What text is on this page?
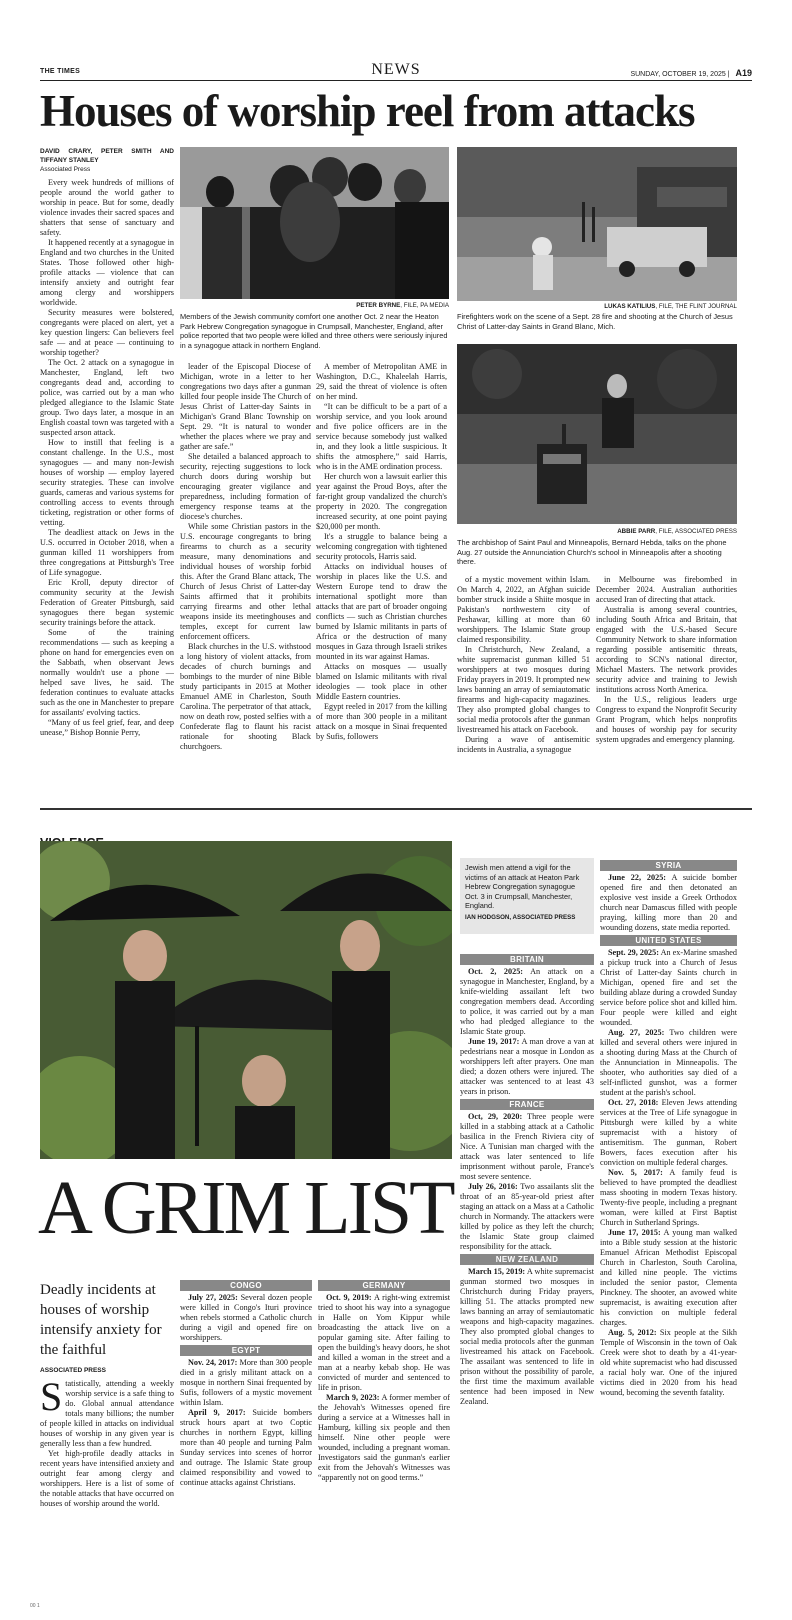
THE TIMES	NEWS	SUNDAY, OCTOBER 19, 2025 | A19
Houses of worship reel from attacks
DAVID CRARY, PETER SMITH AND TIFFANY STANLEY
Associated Press

Every week hundreds of millions of people around the world gather to worship in peace. But for some, deadly violence invades their sacred spaces and shatters that sense of sanctuary and safety.

It happened recently at a synagogue in England and two churches in the United States. Those followed other high-profile attacks — violence that can intensify anxiety and outright fear among clergy and worshippers worldwide.

Security measures were bolstered, congregants were placed on alert, yet a key question lingers: Can believers feel safe — and at peace — continuing to worship together?

The Oct. 2 attack on a synagogue in Manchester, England, left two congregants dead and, according to police, was carried out by a man who pledged allegiance to the Islamic State group. Two days later, a mosque in an English coastal town was targeted with a suspected arson attack.

How to instill that feeling is a constant challenge. In the U.S., most synagogues — and many non-Jewish houses of worship — employ layered security strategies. These can involve guards, cameras and various systems for controlling access to events through ticketing, registration or other forms of vetting.

The deadliest attack on Jews in the U.S. occurred in October 2018, when a gunman killed 11 worshippers from three congregations at Pittsburgh's Tree of Life synagogue.

Eric Kroll, deputy director of community security at the Jewish Federation of Greater Pittsburgh, said synagogues there began systemic security trainings before the attack.

Some of the training recommendations — such as keeping a phone on hand for emergencies even on the Sabbath, when observant Jews normally wouldn't use a phone — helped save lives, he said. The federation continues to evaluate attacks such as the one in Manchester to prepare for assailants' evolving tactics.

“Many of us feel grief, fear, and deep unease,” Bishop Bonnie Perry,

PETER BYRNE, FILE, PA MEDIA
Members of the Jewish community comfort one another Oct. 2 near the Heaton Park Hebrew Congregation synagogue in Crumpsall, Manchester, England, after police reported that two people were killed and three others were seriously injured in a synagogue attack in northern England.
LUKAS KATILIUS, FILE, THE FLINT JOURNAL
Firefighters work on the scene of a Sept. 28 fire and shooting at the Church of Jesus Christ of Latter-day Saints in Grand Blanc, Mich.
ABBIE PARR, FILE, ASSOCIATED PRESS
The archbishop of Saint Paul and Minneapolis, Bernard Hebda, talks on the phone Aug. 27 outside the Annunciation Church's school in Minneapolis after a shooting there.

leader of the Episcopal Diocese of Michigan, wrote in a letter to her congregations two days after a gunman killed four people inside The Church of Jesus Christ of Latter-day Saints in Michigan's Grand Blanc Township on Sept. 29. “It is natural to wonder whether the places where we pray and gather are safe.”

She detailed a balanced approach to security, rejecting suggestions to lock church doors during worship but encouraging greater vigilance and preparedness, including formation of emergency response teams at the diocese's churches.

While some Christian pastors in the U.S. encourage congregants to bring firearms to church as a security measure, many denominations and individual houses of worship forbid this. After the Grand Blanc attack, The Church of Jesus Christ of Latter-day Saints affirmed that it prohibits carrying firearms and other lethal weapons inside its meetinghouses and temples, except for current law enforcement officers.

Black churches in the U.S. withstood a long history of violent attacks, from decades of church burnings and bombings to the murder of nine Bible study participants in 2015 at Mother Emanuel AME in Charleston, South Carolina. The perpetrator of that attack, now on death row, posted selfies with a Confederate flag to flaunt his racist rationale for shooting Black churchgoers.

A member of Metropolitan AME in Washington, D.C., Khaleelah Harris, 29, said the threat of violence is often on her mind.

“It can be difficult to be a part of a worship service, and you look around and five police officers are in the service because somebody just walked in, and they look a little suspicious. It shifts the atmosphere,” said Harris, who is in the AME ordination process.

Her church won a lawsuit earlier this year against the Proud Boys, after the far-right group vandalized the church's property in 2020. The congregation increased security, at one point paying $20,000 per month.

It's a struggle to balance being a welcoming congregation with tightened security protocols, Harris said.

Attacks on individual houses of worship in places like the U.S. and Western Europe tend to draw the international spotlight more than attacks that are part of broader ongoing conflicts — such as Christian churches burned by Islamic militants in parts of Africa or the destruction of many mosques in Gaza through Israeli strikes mounted in its war against Hamas.

Attacks on mosques — usually blamed on Islamic militants with rival ideologies — took place in other Middle Eastern countries.

Egypt reeled in 2017 from the killing of more than 300 people in a militant attack on a mosque in Sinai frequented by Sufis, followers

of a mystic movement within Islam. On March 4, 2022, an Afghan suicide bomber struck inside a Shiite mosque in Pakistan's northwestern city of Peshawar, killing at more than 60 worshippers. The Islamic State group claimed responsibility.

In Christchurch, New Zealand, a white supremacist gunman killed 51 worshippers at two mosques during Friday prayers in 2019. It prompted new laws banning an array of semiautomatic firearms and high-capacity magazines. They also prompted global changes to social media protocols after the gunman livestreamed his attack on Facebook.

During a wave of antisemitic incidents in Australia, a synagogue

in Melbourne was firebombed in December 2024. Australian authorities accused Iran of directing that attack.

Australia is among several countries, including South Africa and Britain, that engaged with the U.S.-based Secure Community Network to share information regarding possible antisemitic threats, according to SCN's national director, Michael Masters. The network provides security advice and training to Jewish institutions across North America.

In the U.S., religious leaders urge Congress to expand the Nonprofit Security Grant Program, which helps nonprofits and houses of worship pay for security system upgrades and emergency planning.

Jewish men attend a vigil for the victims of an attack at Heaton Park Hebrew Congregation synagogue Oct. 3 in Crumpsall, Manchester, England.
IAN HODGSON, ASSOCIATED PRESS
A GRIM LIST
Deadly incidents at houses of worship intensify anxiety for the faithful
ASSOCIATED PRESS
Statistically, attending a weekly worship service is a safe thing to do. Global annual attendance totals many billions; the number of people killed in attacks on individual houses of worship in any given year is generally less than a few hundred.

Yet high-profile deadly attacks in recent years have intensified anxiety and outright fear among clergy and worshippers. Here is a list of some of the notable attacks that have occurred on houses of worship around the world.

CONGO
July 27, 2025: Several dozen people were killed in Congo's Ituri province when rebels stormed a Catholic church during a vigil and opened fire on worshippers.
EGYPT
Nov. 24, 2017: More than 300 people died in a grisly militant attack on a mosque in northern Sinai frequented by Sufis, followers of a mystic movement within Islam.
April 9, 2017: Suicide bombers struck hours apart at two Coptic churches in northern Egypt, killing more than 40 people and turning Palm Sunday services into scenes of horror and outrage. The Islamic State group claimed responsibility and vowed to continue attacks against Christians.
GERMANY
Oct. 9, 2019: A right-wing extremist tried to shoot his way into a synagogue in Halle on Yom Kippur while broadcasting the attack live on a popular gaming site. After failing to open the building's heavy doors, he shot and killed a woman in the street and a man at a nearby kebab shop. He was convicted of murder and sentenced to life in prison.
March 9, 2023: A former member of the Jehovah's Witnesses opened fire during a service at a Witnesses hall in Hamburg, killing six people and then himself. Nine other people were wounded, including a pregnant woman. Investigators said the gunman's earlier exit from the Jehovah's Witnesses was “apparently not on good terms.”
BRITAIN
Oct. 2, 2025: An attack on a synagogue in Manchester, England, by a knife-wielding assailant left two congregation members dead. According to police, it was carried out by a man who had pledged allegiance to the Islamic State group.
June 19, 2017: A man drove a van at pedestrians near a mosque in London as worshippers left after prayers. One man died; a dozen others were injured. The attacker was sentenced to at least 43 years in prison.
FRANCE
Oct, 29, 2020: Three people were killed in a stabbing attack at a Catholic basilica in the French Riviera city of Nice. A Tunisian man charged with the attack was later sentenced to life imprisonment without parole, France's most severe sentence.
July 26, 2016: Two assailants slit the throat of an 85-year-old priest after staging an attack on a Mass at a Catholic church in Normandy. The attackers were killed by police as they left the church; the Islamic State group claimed responsibility for the attack.
NEW ZEALAND
March 15, 2019: A white supremacist gunman stormed two mosques in Christchurch during Friday prayers, killing 51. The attacks prompted new laws banning an array of semiautomatic weapons and high-capacity magazines. They also prompted global changes to social media protocols after the gunman livestreamed his attack on Facebook. The assailant was sentenced to life in prison without the possibility of parole, the first time the maximum available sentence had been imposed in New Zealand.
SYRIA
June 22, 2025: A suicide bomber opened fire and then detonated an explosive vest inside a Greek Orthodox church near Damascus filled with people praying, killing more than 20 and wounding dozens, state media reported.
UNITED STATES
Sept. 29, 2025: An ex-Marine smashed a pickup truck into a Church of Jesus Christ of Latter-day Saints church in Michigan, opened fire and set the building ablaze during a crowded Sunday service before police shot and killed him. Four people were killed and eight wounded.
Aug. 27, 2025: Two children were killed and several others were injured in a shooting during Mass at the Church of the Annunciation in Minneapolis. The shooter, who authorities say died of a self-inflicted gunshot, was a former student at the parish's school.
Oct. 27, 2018: Eleven Jews attending services at the Tree of Life synagogue in Pittsburgh were killed by a white supremacist with a history of antisemitism. The gunman, Robert Bowers, faces execution after his conviction on multiple federal charges.
Nov. 5, 2017: A family feud is believed to have prompted the deadliest mass shooting in modern Texas history. Twenty-five people, including a pregnant woman, were killed at First Baptist Church in Sutherland Springs.
June 17, 2015: A young man walked into a Bible study session at the historic Emanuel African Methodist Episcopal Church in Charleston, South Carolina, and killed nine people. The victims included the senior pastor, Clementa Pinckney. The shooter, an avowed white supremacist, is awaiting execution after his conviction on multiple federal charges.
Aug. 5, 2012: Six people at the Sikh Temple of Wisconsin in the town of Oak Creek were shot to death by a 41-year-old white supremacist who had discussed a racial holy war. One of the injured victims died in 2020 from his head wound, becoming the seventh fatality.
00 1
